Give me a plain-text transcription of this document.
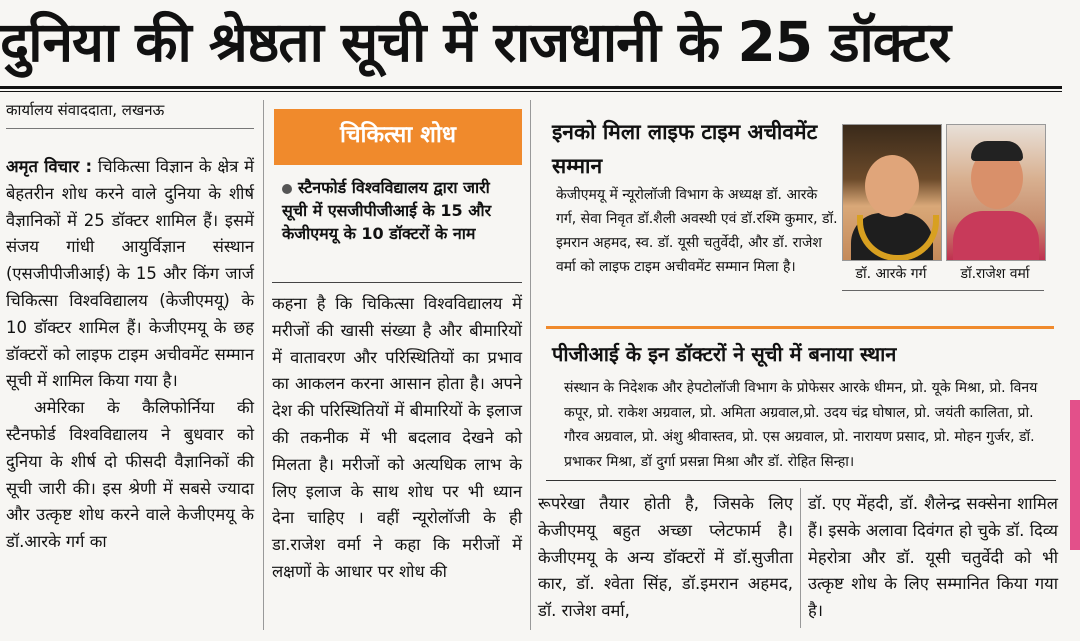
दुनिया की श्रेष्ठता सूची में राजधानी के 25 डॉक्टर
कार्यालय संवाददाता, लखनऊ

अमृत विचार : चिकित्सा विज्ञान के क्षेत्र में बेहतरीन शोध करने वाले दुनिया के शीर्ष वैज्ञानिकों में 25 डॉक्टर शामिल हैं। इसमें संजय गांधी आयुर्विज्ञान संस्थान (एसजीपीजीआई) के 15 और किंग जार्ज चिकित्सा विश्वविद्यालय (केजीएमयू) के 10 डॉक्टर शामिल हैं। केजीएमयू के छह डॉक्टरों को लाइफ टाइम अचीवमेंट सम्मान सूची में शामिल किया गया है।

अमेरिका के कैलिफोर्निया की स्टैनफोर्ड विश्वविद्यालय ने बुधवार को दुनिया के शीर्ष दो फीसदी वैज्ञानिकों की सूची जारी की। इस श्रेणी में सबसे ज्यादा और उत्कृष्ट शोध करने वाले केजीएमयू के डॉ.आरके गर्ग का

चिकित्सा शोध
स्टैनफोर्ड विश्वविद्यालय द्वारा जारी सूची में एसजीपीजीआई के 15 और केजीएमयू के 10 डॉक्टरों के नाम

कहना है कि चिकित्सा विश्वविद्यालय में मरीजों की खासी संख्या है और बीमारियों में वातावरण और परिस्थितियों का प्रभाव का आकलन करना आसान होता है। अपने देश की परिस्थितियों में बीमारियों के इलाज की तकनीक में भी बदलाव देखने को मिलता है। मरीजों को अत्यधिक लाभ के लिए इलाज के साथ शोध पर भी ध्यान देना चाहिए । वहीं न्यूरोलॉजी के ही डा.राजेश वर्मा ने कहा कि मरीजों में लक्षणों के आधार पर शोध की

इनको मिला लाइफ टाइम अचीवमेंट सम्मान
केजीएमयू में न्यूरोलॉजी विभाग के अध्यक्ष डॉ. आरके गर्ग, सेवा निवृत डॉ.शैली अवस्थी एवं डॉ.रश्मि कुमार, डॉ. इमरान अहमद, स्व. डॉ. यूसी चतुर्वेदी, और डॉ. राजेश वर्मा को लाइफ टाइम अचीवमेंट सम्मान मिला है।	डॉ. आरके गर्ग	डॉ.राजेश वर्मा
पीजीआई के इन डॉक्टरों ने सूची में बनाया स्थान
संस्थान के निदेशक और हेपटोलॉजी विभाग के प्रोफेसर आरके धीमन, प्रो. यूके मिश्रा, प्रो. विनय कपूर, प्रो. राकेश अग्रवाल, प्रो. अमिता अग्रवाल,प्रो. उदय चंद्र घोषाल, प्रो. जयंती कालिता, प्रो. गौरव अग्रवाल, प्रो. अंशु श्रीवास्तव, प्रो. एस अग्रवाल, प्रो. नारायण प्रसाद, प्रो. मोहन गुर्जर, डॉ. प्रभाकर मिश्रा, डॉ दुर्गा प्रसन्ना मिश्रा और डॉ. रोहित सिन्हा।

रूपरेखा तैयार होती है, जिसके लिए केजीएमयू बहुत अच्छा प्लेटफार्म है। केजीएमयू के अन्य डॉक्टरों में डॉ.सुजीता कार, डॉ. श्वेता सिंह, डॉ.इमरान अहमद, डॉ. राजेश वर्मा,

डॉ. एए मेंहदी, डॉ. शैलेन्द्र सक्सेना शामिल हैं। इसके अलावा दिवंगत हो चुके डॉ. दिव्य मेहरोत्रा और डॉ. यूसी चतुर्वेदी को भी उत्कृष्ट शोध के लिए सम्मानित किया गया है।
